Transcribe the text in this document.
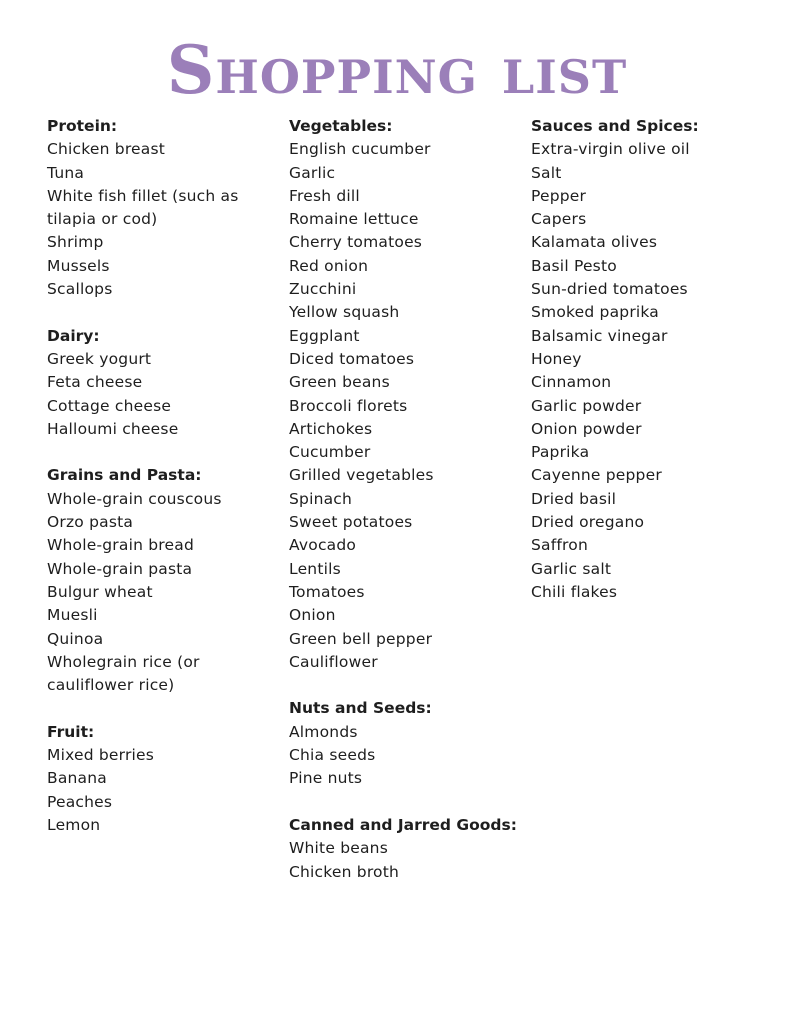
Shopping list
Protein:
Chicken breast
Tuna
White fish fillet (such as tilapia or cod)
Shrimp
Mussels
Scallops
Dairy:
Greek yogurt
Feta cheese
Cottage cheese
Halloumi cheese
Grains and Pasta:
Whole-grain couscous
Orzo pasta
Whole-grain bread
Whole-grain pasta
Bulgur wheat
Muesli
Quinoa
Wholegrain rice (or cauliflower rice)
Fruit:
Mixed berries
Banana
Peaches
Lemon
Vegetables:
English cucumber
Garlic
Fresh dill
Romaine lettuce
Cherry tomatoes
Red onion
Zucchini
Yellow squash
Eggplant
Diced tomatoes
Green beans
Broccoli florets
Artichokes
Cucumber
Grilled vegetables
Spinach
Sweet potatoes
Avocado
Lentils
Tomatoes
Onion
Green bell pepper
Cauliflower
Nuts and Seeds:
Almonds
Chia seeds
Pine nuts
Canned and Jarred Goods:
White beans
Chicken broth
Sauces and Spices:
Extra-virgin olive oil
Salt
Pepper
Capers
Kalamata olives
Basil Pesto
Sun-dried tomatoes
Smoked paprika
Balsamic vinegar
Honey
Cinnamon
Garlic powder
Onion powder
Paprika
Cayenne pepper
Dried basil
Dried oregano
Saffron
Garlic salt
Chili flakes
